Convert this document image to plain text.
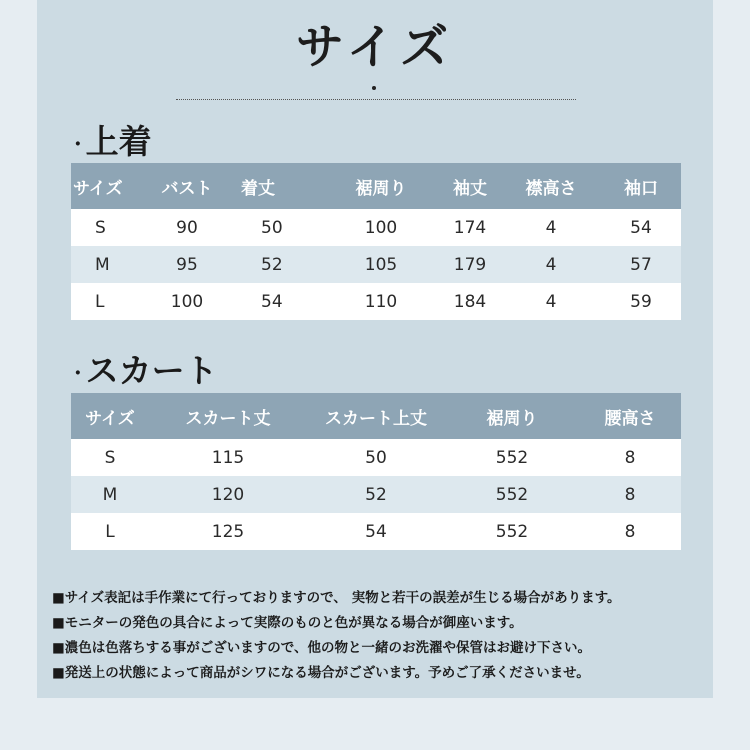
サイズ
· 上着
サイズ	バスト	着丈	裾周り	袖丈	襟高さ	袖口
S	90	50	100	174	4	54
M	95	52	105	179	4	57
L	100	54	110	184	4	59
· スカート
サイズ	スカート丈	スカート上丈	裾周り	腰高さ
S	115	50	552	8
M	120	52	552	8
L	125	54	552	8
■サイズ表記は手作業にて行っておりますので、 実物と若干の誤差が生じる場合があります。
■モニターの発色の具合によって実際のものと色が異なる場合が御座います。
■濃色は色落ちする事がございますので、他の物と一緒のお洗濯や保管はお避け下さい。
■発送上の状態によって商品がシワになる場合がございます。予めご了承くださいませ。
